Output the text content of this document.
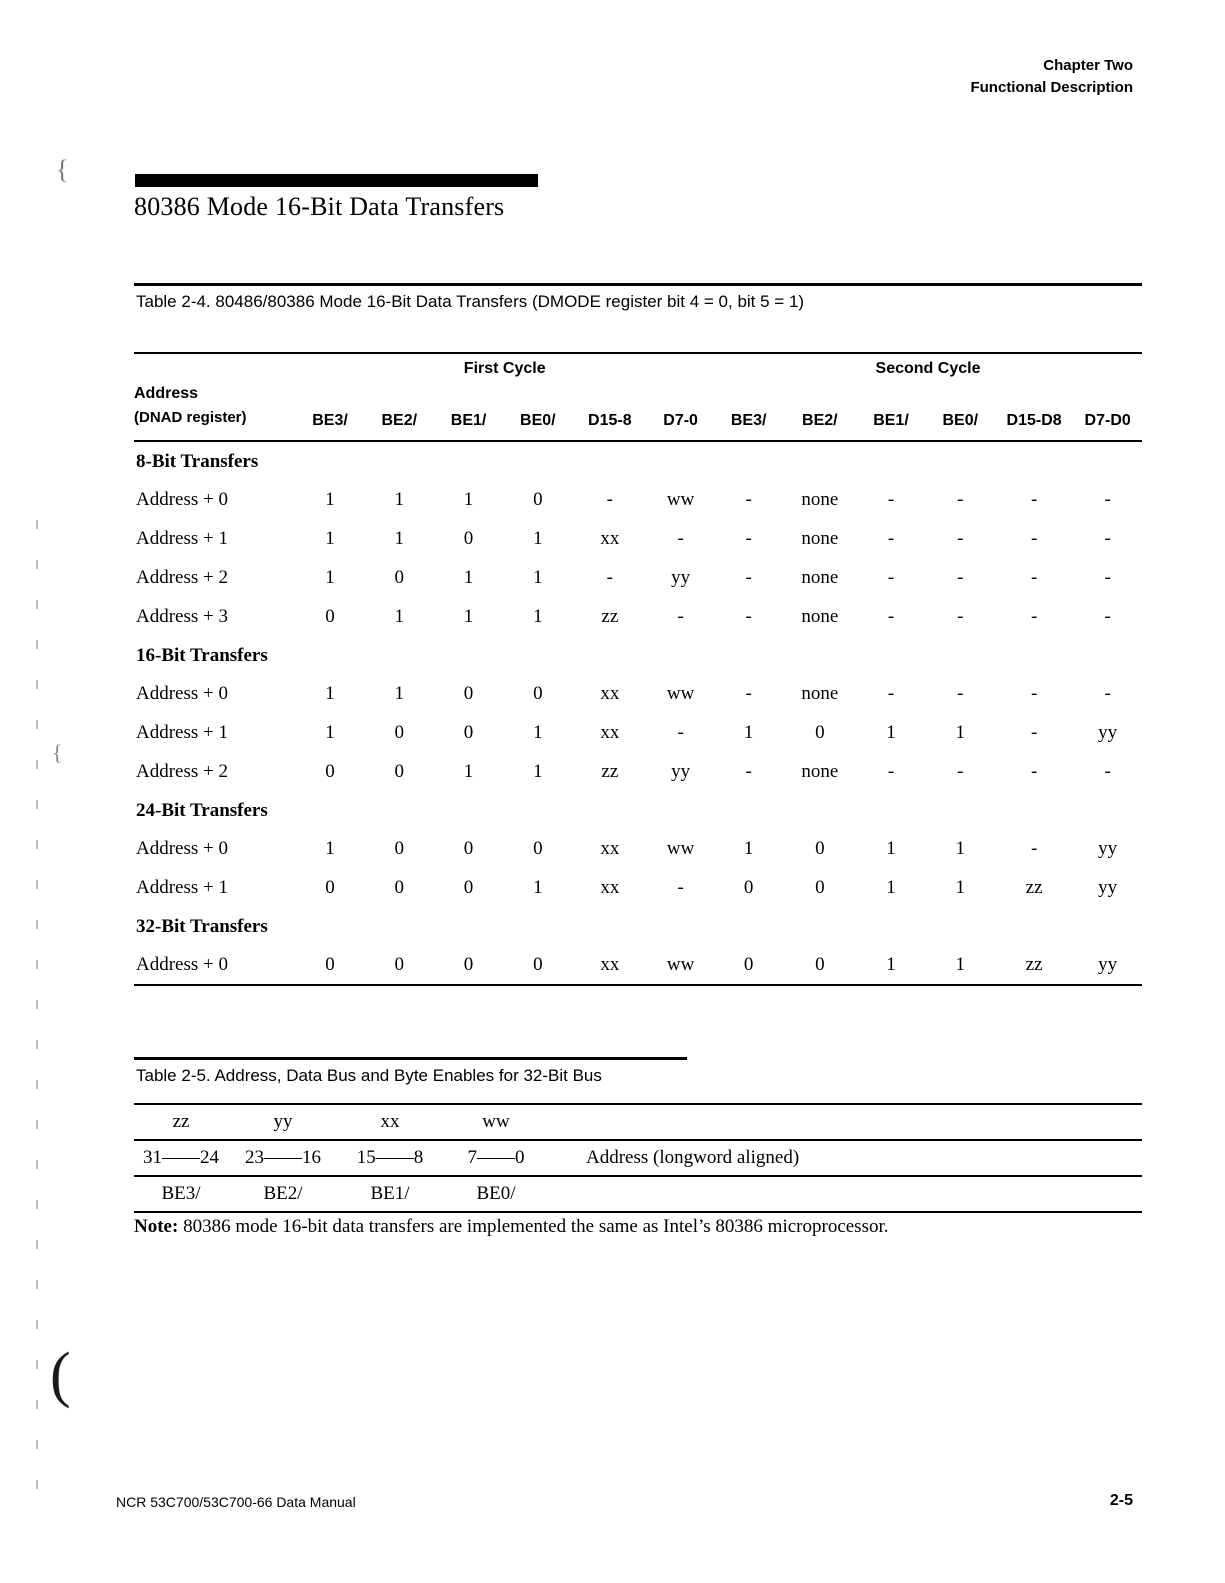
{
{
(
Chapter Two
Functional Description
80386 Mode 16-Bit Data Transfers
Table 2-4. 80486/80386 Mode 16-Bit Data Transfers (DMODE register bit 4 = 0, bit 5 = 1)
	First Cycle						Second Cycle					
Address
(DNAD register)	BE3/	BE2/	BE1/	BE0/	D15-8	D7-0	BE3/	BE2/	BE1/	BE0/	D15-D8	D7-D0
8-Bit Transfers												
Address + 0	1	1	1	0	-	ww	-	none	-	-	-	-
Address + 1	1	1	0	1	xx	-	-	none	-	-	-	-
Address + 2	1	0	1	1	-	yy	-	none	-	-	-	-
Address + 3	0	1	1	1	zz	-	-	none	-	-	-	-
16-Bit Transfers												
Address + 0	1	1	0	0	xx	ww	-	none	-	-	-	-
Address + 1	1	0	0	1	xx	-	1	0	1	1	-	yy
Address + 2	0	0	1	1	zz	yy	-	none	-	-	-	-
24-Bit Transfers												
Address + 0	1	0	0	0	xx	ww	1	0	1	1	-	yy
Address + 1	0	0	0	1	xx	-	0	0	1	1	zz	yy
32-Bit Transfers												
Address + 0	0	0	0	0	xx	ww	0	0	1	1	zz	yy
Table 2-5. Address, Data Bus and Byte Enables for 32-Bit Bus
zz	yy	xx	ww	
31——24	23——16	15——8	7——0	Address (longword aligned)
BE3/	BE2/	BE1/	BE0/	
Note: 80386 mode 16-bit data transfers are implemented the same as Intel’s 80386 microprocessor.
NCR 53C700/53C700-66 Data Manual	2-5
